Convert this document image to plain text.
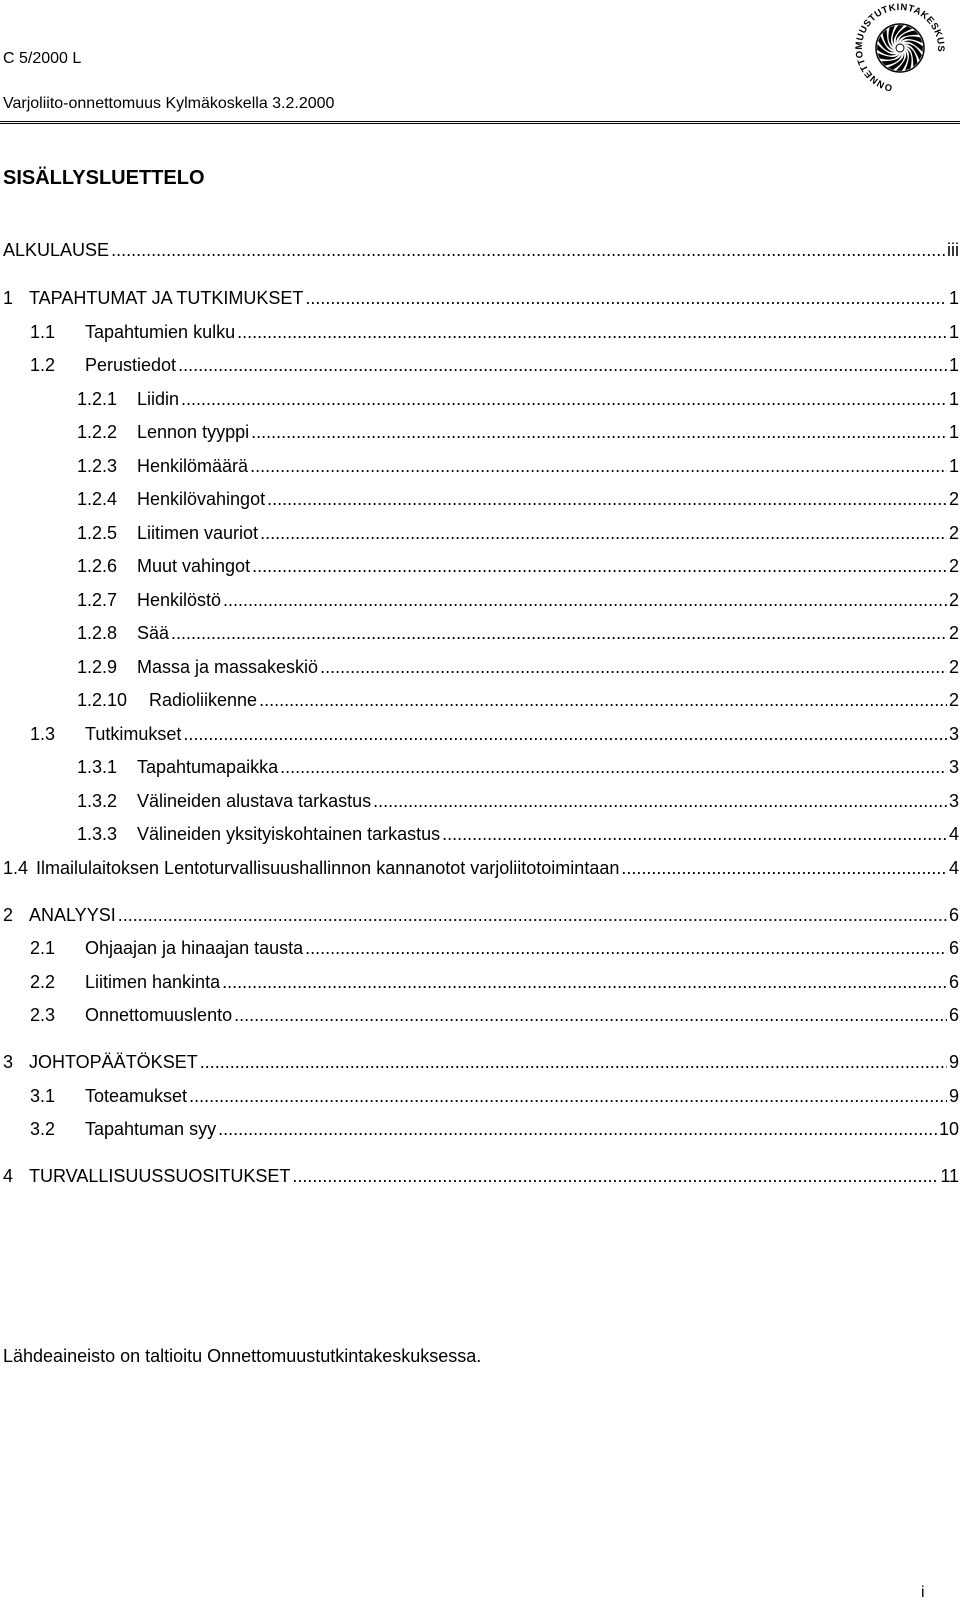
C 5/2000 L
Varjoliito-onnettomuus Kylmäkoskella 3.2.2000
ONNETTOMUUSTUTKINTAKESKUS
SISÄLLYSLUETTELO
ALKULAUSE .....	iii
1 TAPAHTUMAT JA TUTKIMUKSET .....	1
1.1	Tapahtumien kulku .....	1
1.2	Perustiedot .....	1
1.2.1	Liidin .....	1
1.2.2	Lennon tyyppi .....	1
1.2.3	Henkilömäärä .....	1
1.2.4	Henkilövahingot .....	2
1.2.5	Liitimen vauriot .....	2
1.2.6	Muut vahingot .....	2
1.2.7	Henkilöstö .....	2
1.2.8	Sää .....	2
1.2.9	Massa ja massakeskiö .....	2
1.2.10	Radioliikenne .....	2
1.3	Tutkimukset .....	3
1.3.1	Tapahtumapaikka .....	3
1.3.2	Välineiden alustava tarkastus .....	3
1.3.3	Välineiden yksityiskohtainen tarkastus .....	4
1.4 Ilmailulaitoksen Lentoturvallisuushallinnon kannanotot varjoliitotoimintaan .....	4
2 ANALYYSI .....	6
2.1	Ohjaajan ja hinaajan tausta .....	6
2.2	Liitimen hankinta .....	6
2.3	Onnettomuuslento .....	6
3 JOHTOPÄÄTÖKSET .....	9
3.1	Toteamukset .....	9
3.2	Tapahtuman syy .....	10
4 TURVALLISUUSSUOSITUKSET .....	11
Lähdeaineisto on taltioitu Onnettomuustutkintakeskuksessa.
i
